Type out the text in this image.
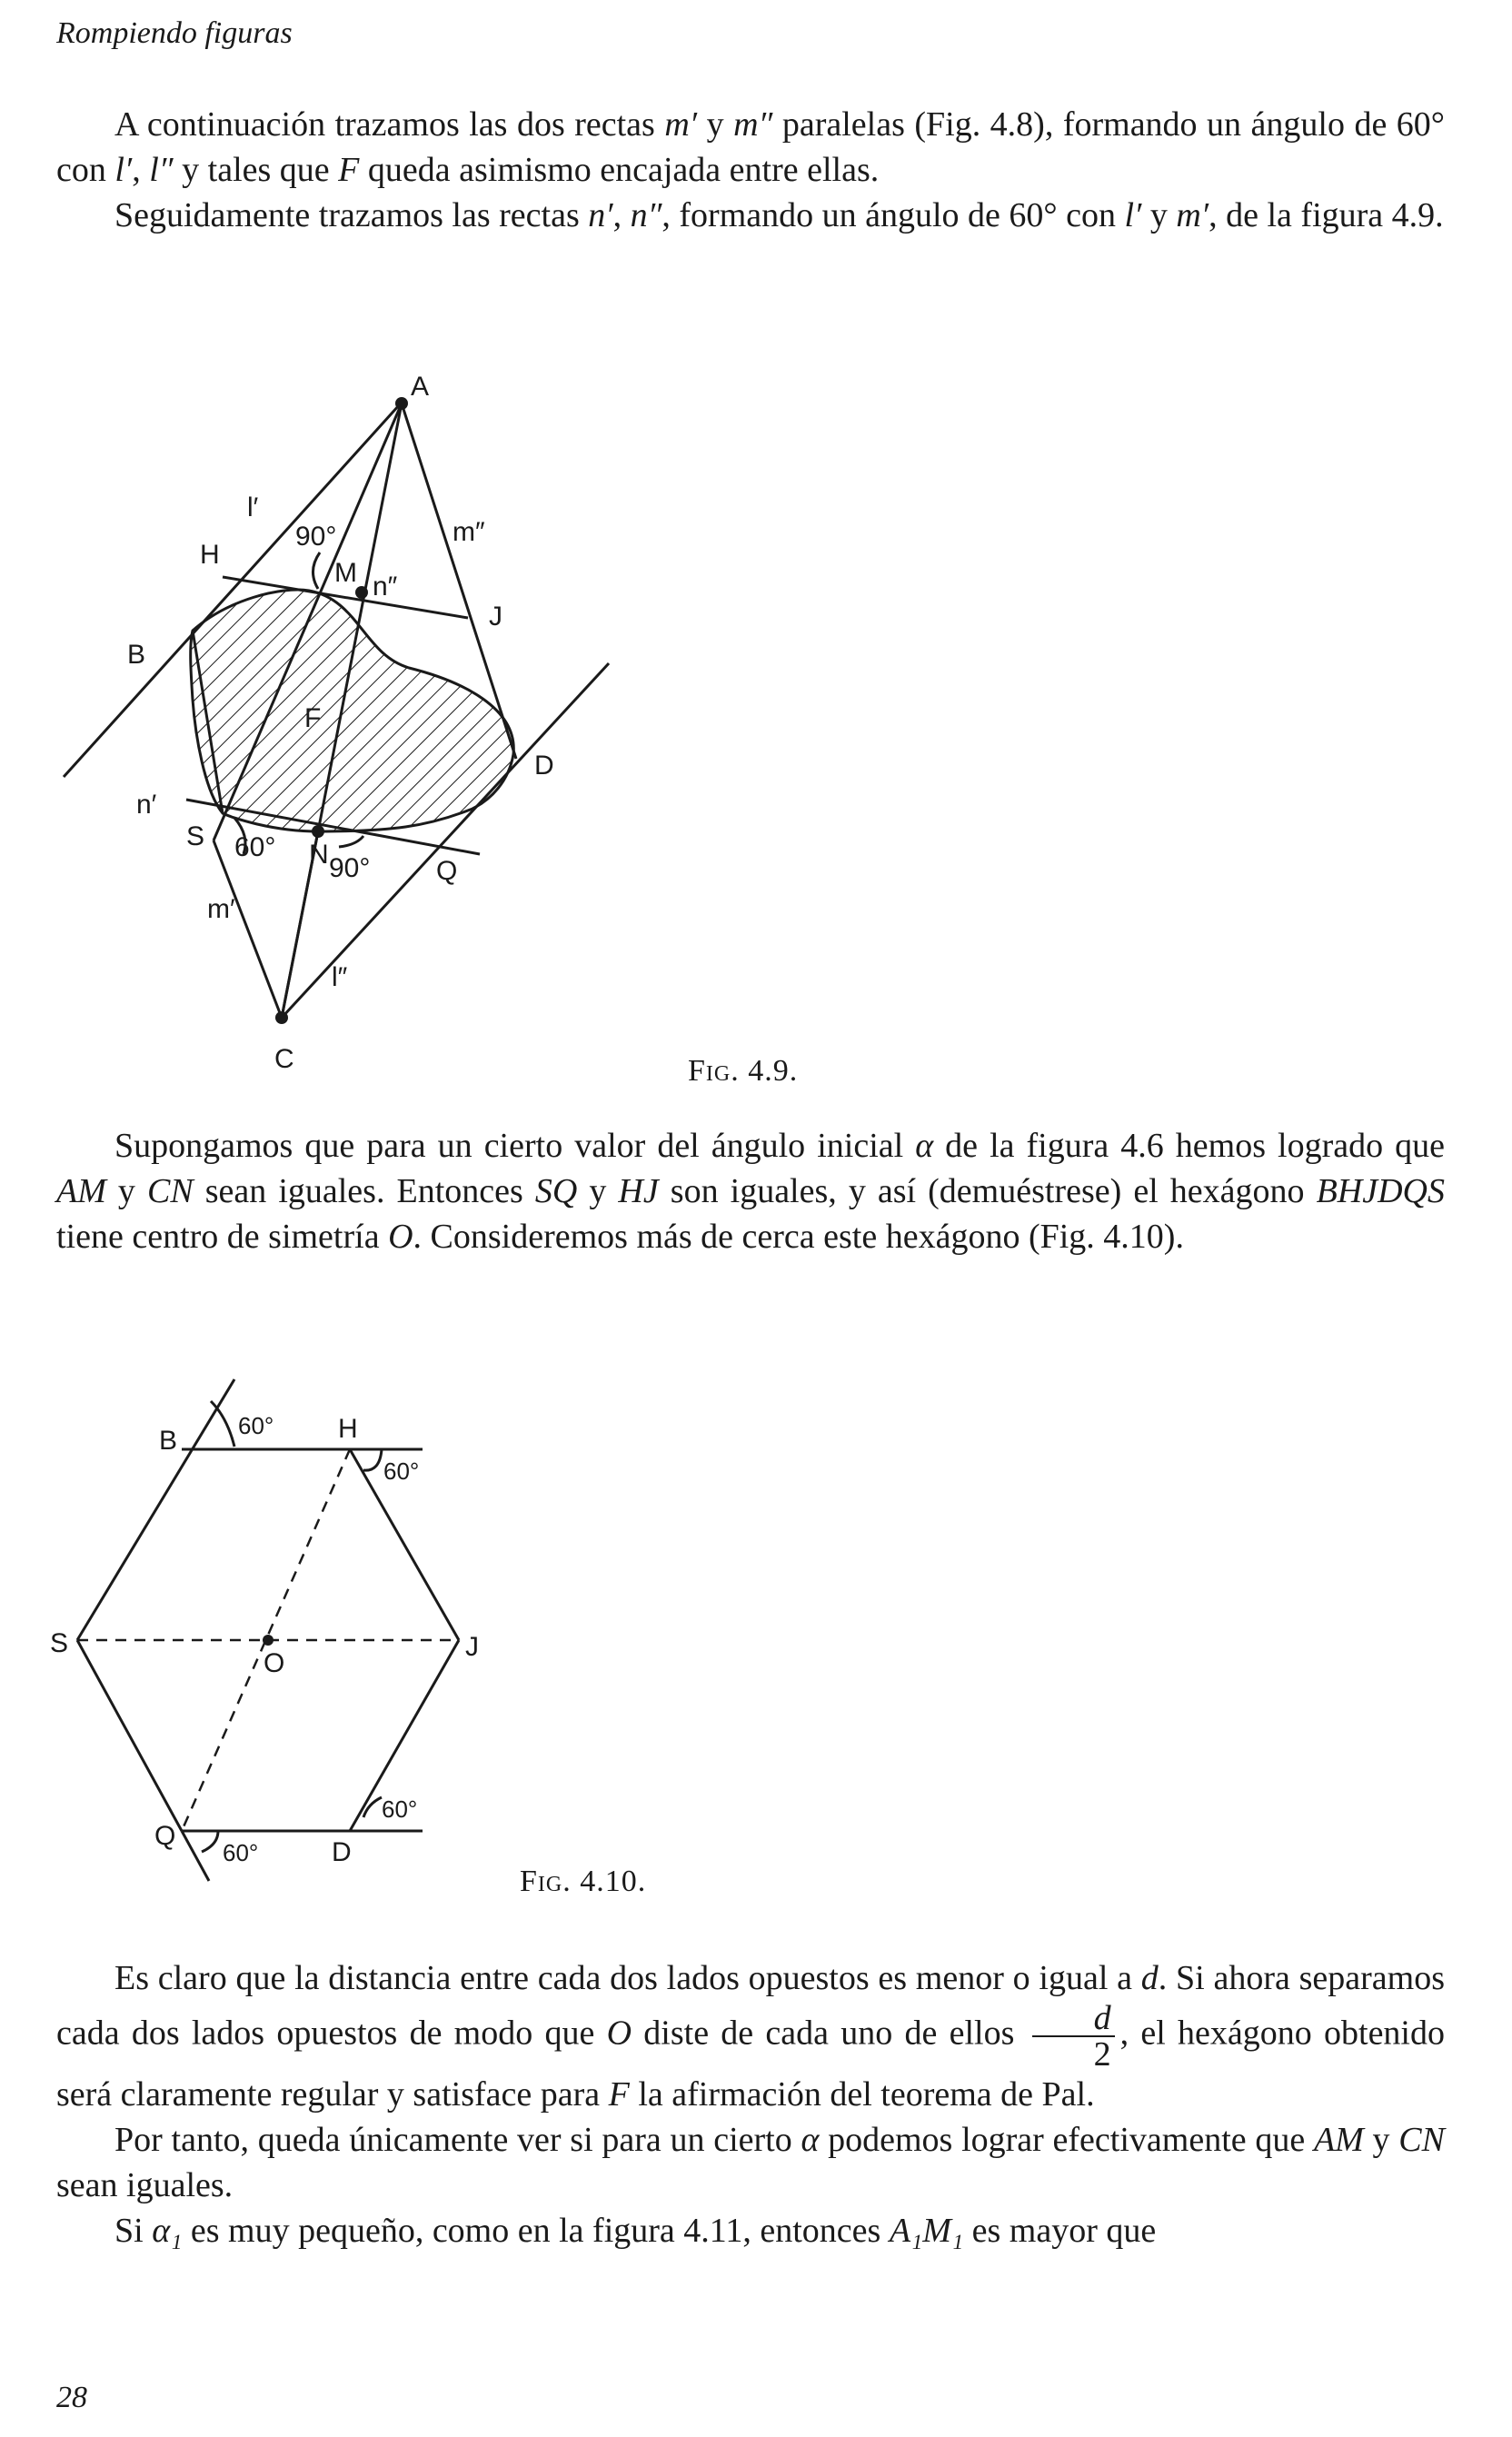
Rompiendo figuras

A continuación trazamos las dos rectas m′ y m″ paralelas (Fig. 4.8), formando un ángulo de 60° con l′, l″ y tales que F queda asimismo encajada entre ellas.

Seguidamente trazamos las rectas n′, n″, formando un ángulo de 60° con l′ y m′, de la figura 4.9.

A
H
l′
90°
M n″
m″
J
B
F
D
n′
S 60° N 90° Q
m′
l″
C	Fig. 4.9.

Supongamos que para un cierto valor del ángulo inicial α de la figura 4.6 hemos logrado que AM y CN sean iguales. Entonces SQ y HJ son iguales, y así (demuéstrese) el hexágono BHJDQS tiene centro de simetría O. Consideremos más de cerca este hexágono (Fig. 4.10).

B	60° H
60°
S
O
J
60°
Q
60°	D
Fig. 4.10.

Es claro que la distancia entre cada dos lados opuestos es menor o igual a d. Si ahora separamos cada dos lados opuestos de modo que O diste de cada uno de ellos $\frac{d}{2}$ , el hexágono obtenido será claramente regular y satisface para F la afirmación del teorema de Pal.

Por tanto, queda únicamente ver si para un cierto α podemos lograr efectivamente que AM y CN sean iguales.

Si α₁ es muy pequeño, como en la figura 4.11, entonces A₁M₁ es mayor que

28
